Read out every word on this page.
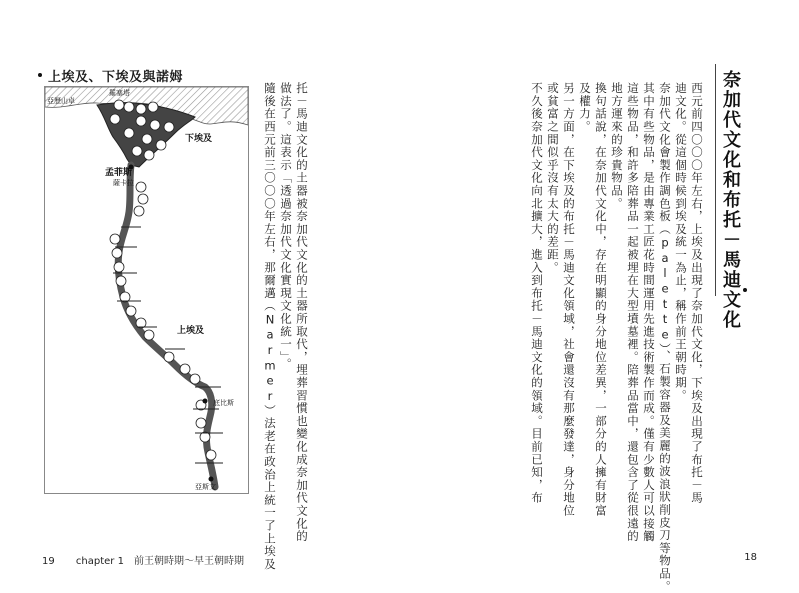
上埃及、下埃及與諾姆
亞歷山卓
羅塞塔
下埃及
孟菲斯
薩卡拉
上埃及
底比斯
亞斯文	托－馬迪文化的土器被奈加代文化的土器所取代，埋葬習慣也變化成奈加代文化的

做法了。這表示「透過奈加代文化實現文化統一」。

隨後在西元前三〇〇〇年左右，那爾邁（Narmer）法老在政治上統一了上埃及	西元前四〇〇〇年左右，上埃及出現了奈加代文化，下埃及出現了布托－馬

迪文化。從這個時候到埃及統一為止，稱作前王朝時期。

奈加代文化會製作調色板（palette）、石製容器及美麗的波浪狀削皮刀等物品。

其中有些物品，是由專業工匠花時間運用先進技術製作而成。僅有少數人可以接觸

這些物品，和許多陪葬品一起被埋在大型墳墓裡。陪葬品當中，還包含了從很遠的

地方運來的珍貴物品。

換句話說，在奈加代文化中，存在明顯的身分地位差異，一部分的人擁有財富

及權力。

另一方面，在下埃及的布托－馬迪文化領域，社會還沒有那麼發達，身分地位

或貧富之間似乎沒有太大的差距。

不久後奈加代文化向北擴大，進入到布托－馬迪文化的領域。目前已知，布	奈加代文化和布托－馬迪文化
19 chapter 1　前王朝時期～早王朝時期	18
